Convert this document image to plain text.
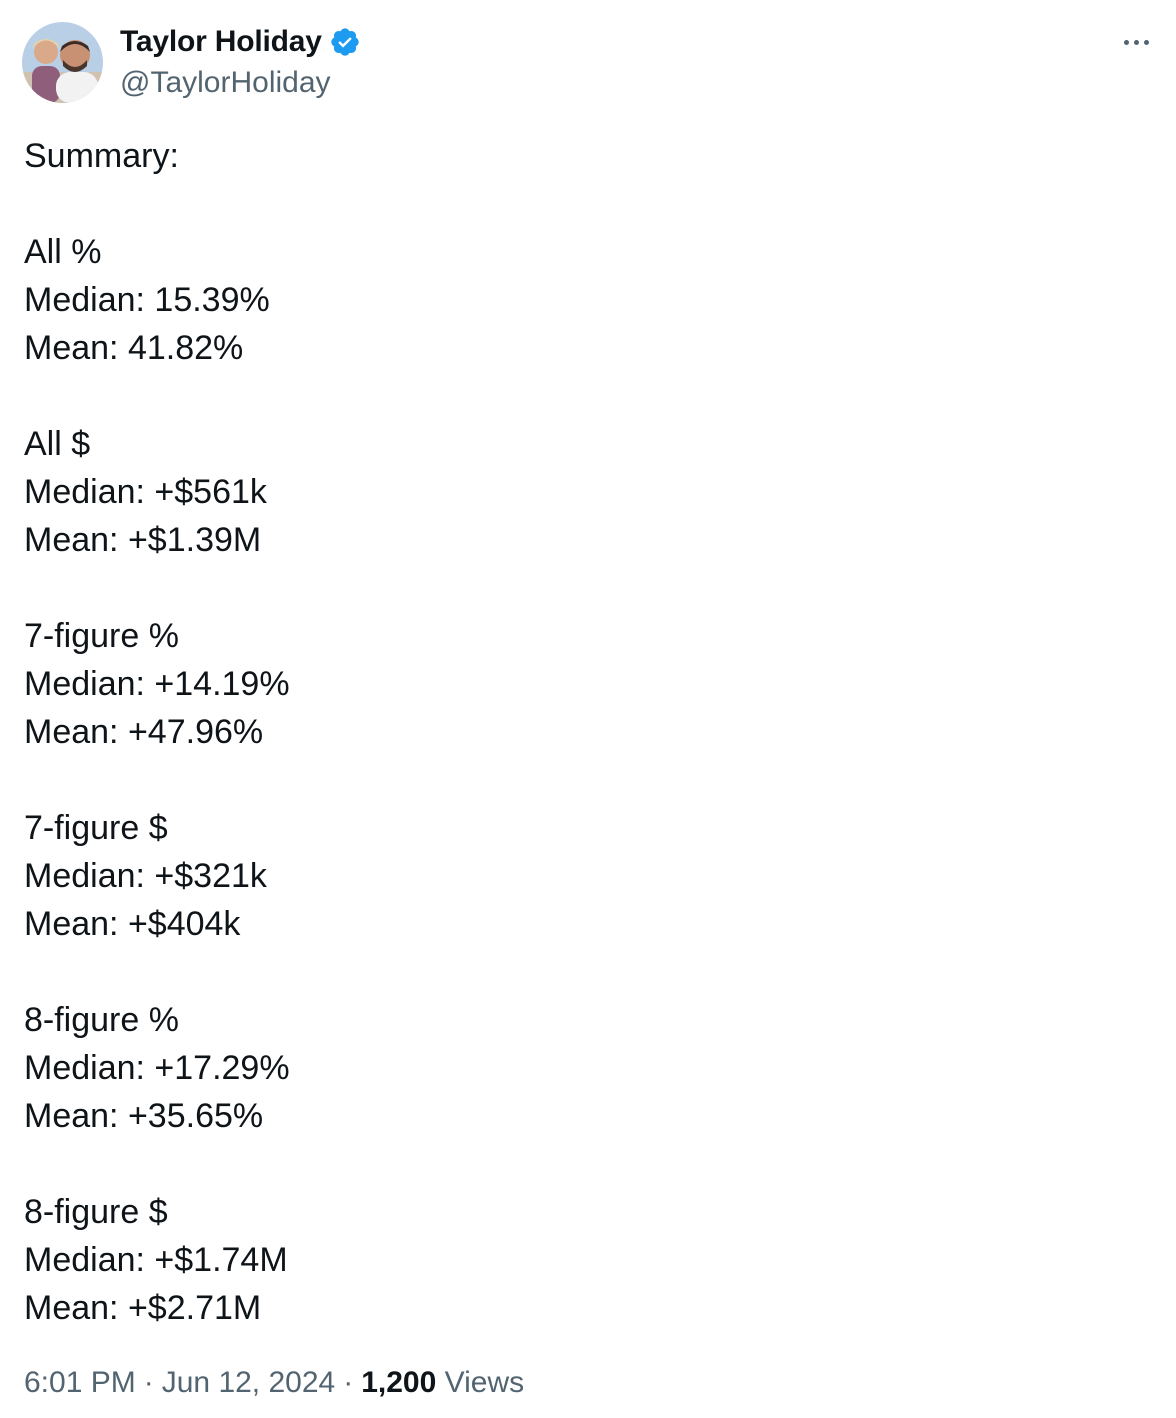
Taylor Holiday
@TaylorHoliday
Summary:
All %
Median: 15.39%
Mean: 41.82%
All $
Median: +$561k
Mean: +$1.39M
7-figure %
Median: +14.19%
Mean: +47.96%
7-figure $
Median: +$321k
Mean: +$404k
8-figure %
Median: +17.29%
Mean: +35.65%
8-figure $
Median: +$1.74M
Mean: +$2.71M
6:01 PM · Jun 12, 2024 · 1,200 Views
